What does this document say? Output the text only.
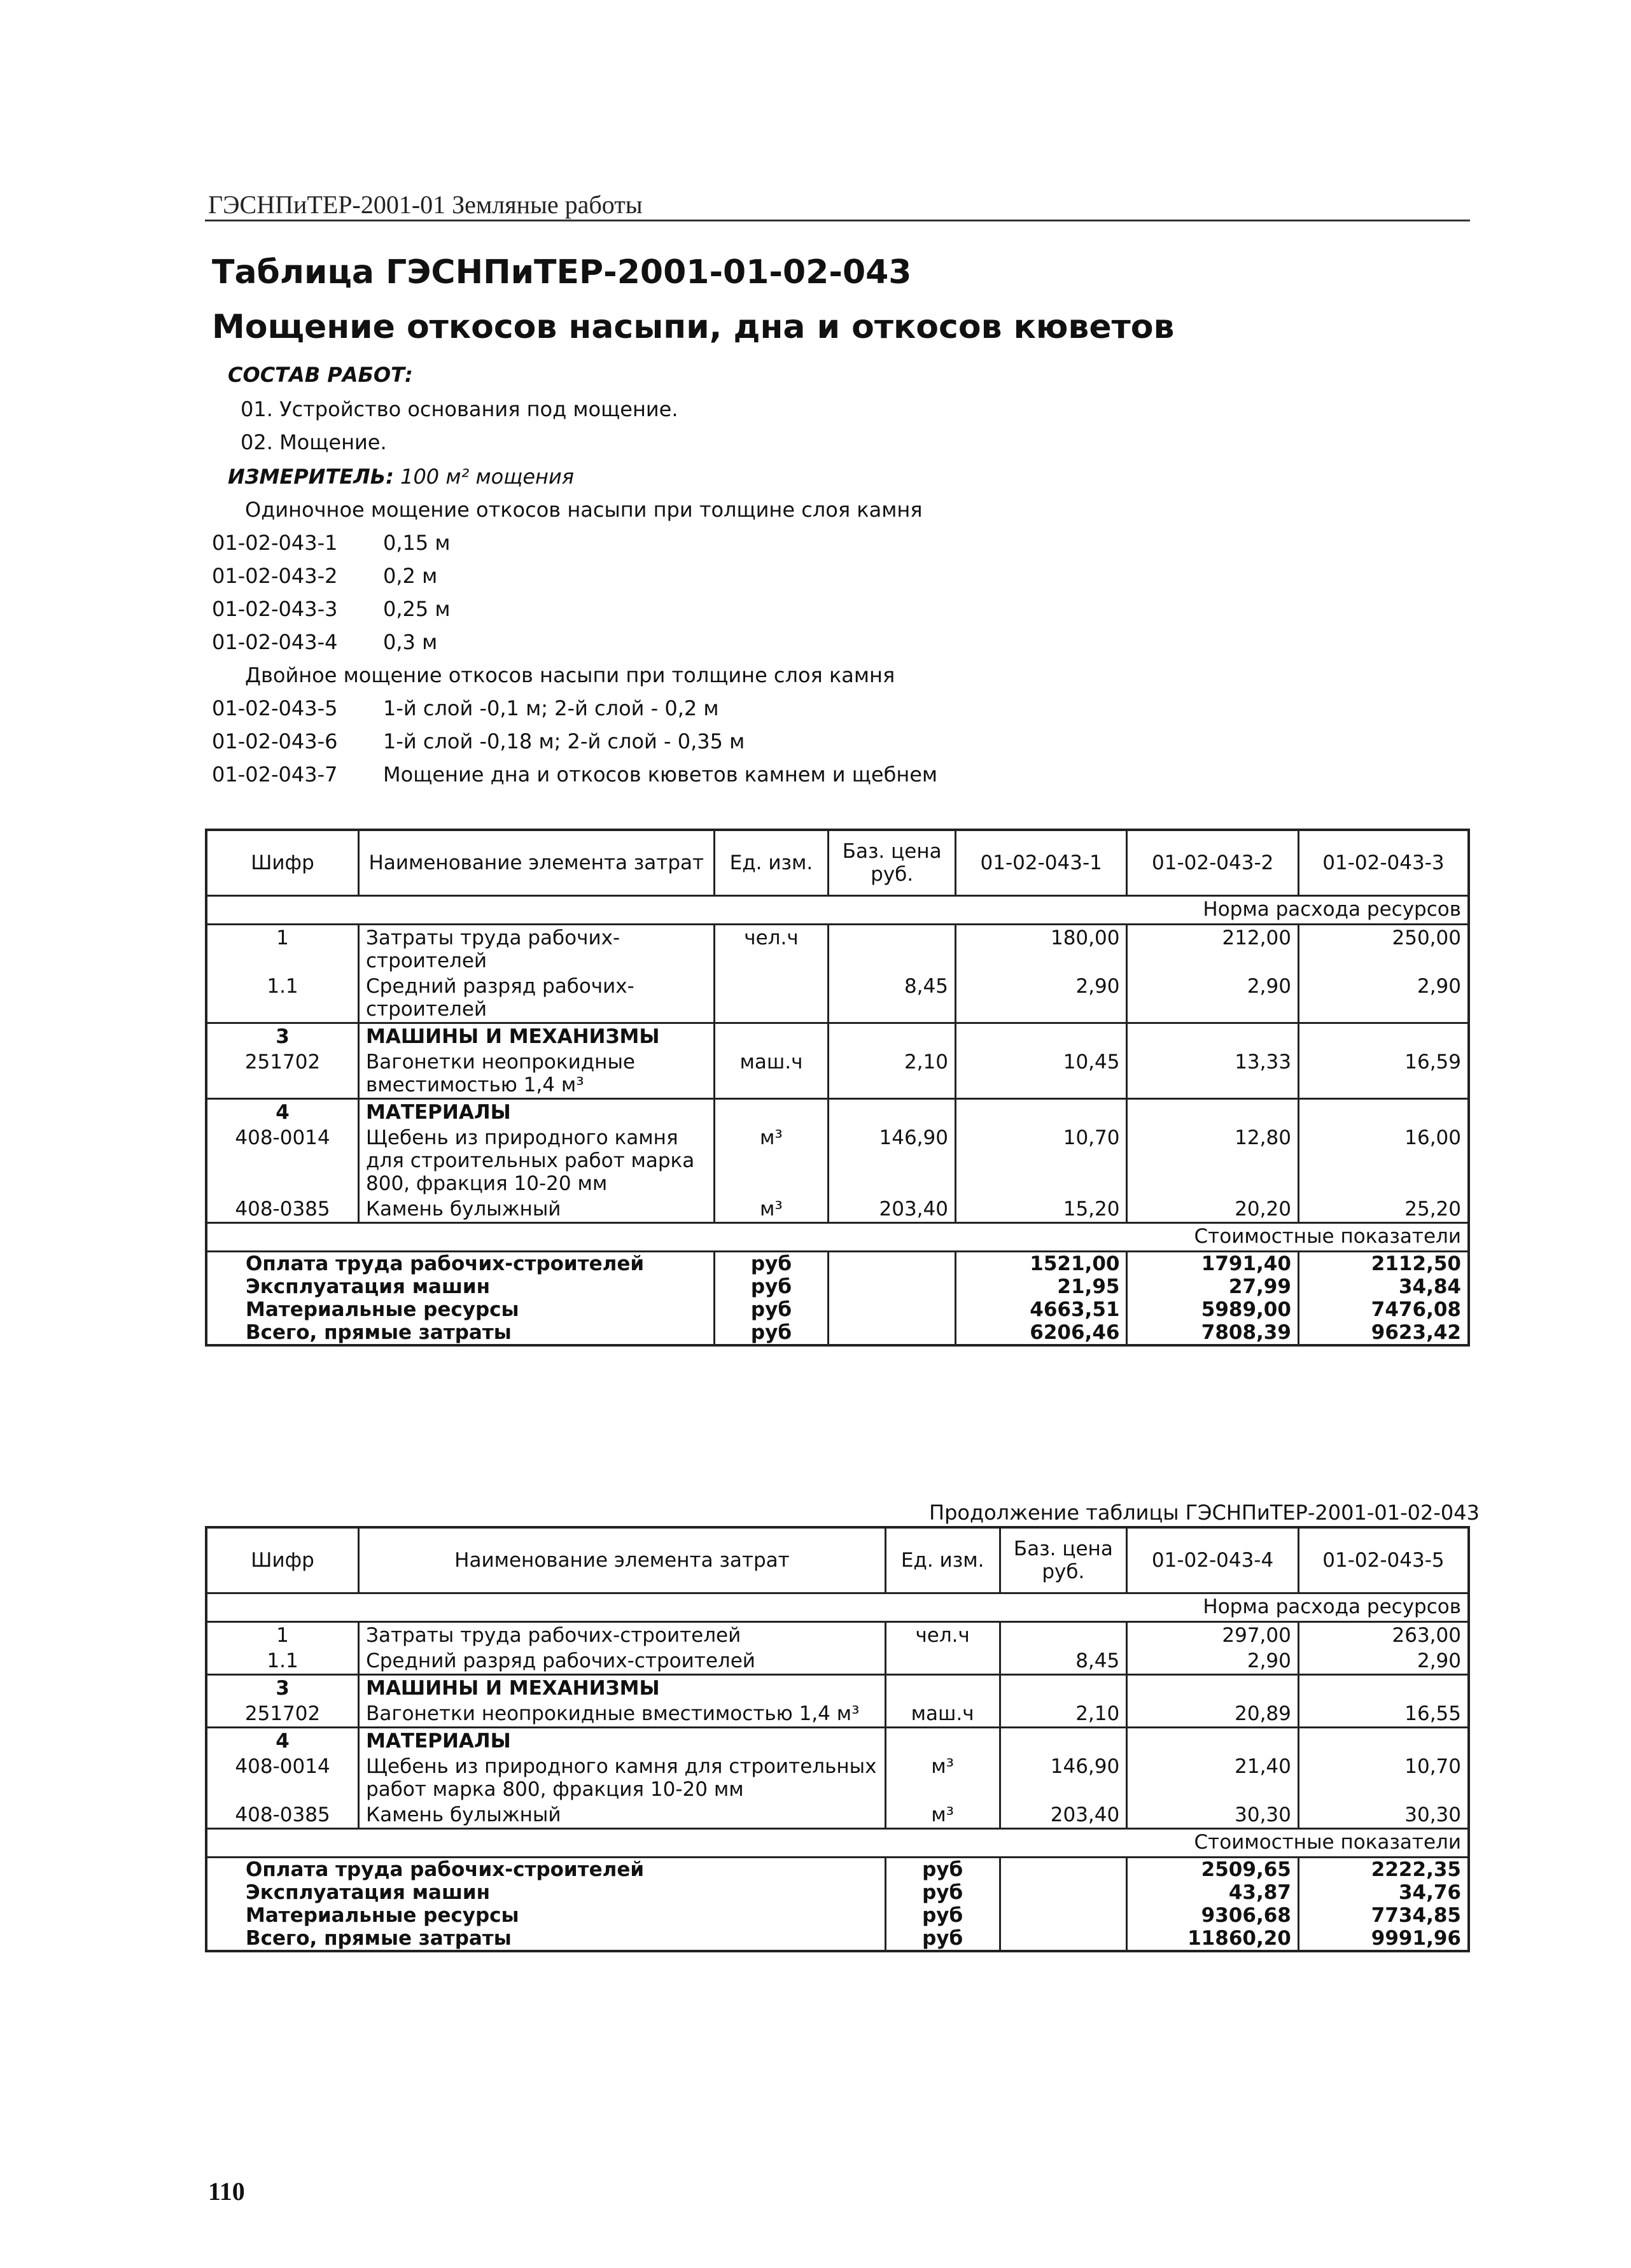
ГЭСНПиТЕР-2001-01 Земляные работы
Таблица ГЭСНПиТЕР-2001-01-02-043
Мощение откосов насыпи, дна и откосов кюветов
СОСТАВ РАБОТ:
01. Устройство основания под мощение.
02. Мощение.
ИЗМЕРИТЕЛЬ: 100 м² мощения
Одиночное мощение откосов насыпи при толщине слоя камня
01-02-043-1 0,15 м
01-02-043-2 0,2 м
01-02-043-3 0,25 м
01-02-043-4 0,3 м
Двойное мощение откосов насыпи при толщине слоя камня
01-02-043-5 1-й слой -0,1 м; 2-й слой - 0,2 м
01-02-043-6 1-й слой -0,18 м; 2-й слой - 0,35 м
01-02-043-7 Мощение дна и откосов кюветов камнем и щебнем
Шифр	Наименование элемента затрат	Ед. изм.	Баз. цена руб.	01-02-043-1	01-02-043-2	01-02-043-3
Норма расхода ресурсов						
1	Затраты труда рабочих-строителей	чел.ч		180,00	212,00	250,00
1.1	Средний разряд рабочих-строителей		8,45	2,90	2,90	2,90
3	МАШИНЫ И МЕХАНИЗМЫ					
251702	Вагонетки неопрокидные вместимостью 1,4 м³	маш.ч	2,10	10,45	13,33	16,59
4	МАТЕРИАЛЫ					
408-0014	Щебень из природного камня для строительных работ марка 800, фракция 10-20 мм	м³	146,90	10,70	12,80	16,00
408-0385	Камень булыжный	м³	203,40	15,20	20,20	25,20
Стоимостные показатели						
Оплата труда рабочих-строителей		руб		1521,00	1791,40	2112,50
Эксплуатация машин		руб		21,95	27,99	34,84
Материальные ресурсы		руб		4663,51	5989,00	7476,08
Всего, прямые затраты		руб		6206,46	7808,39	9623,42
Продолжение таблицы ГЭСНПиТЕР-2001-01-02-043
Шифр	Наименование элемента затрат	Ед. изм.	Баз. цена руб.	01-02-043-4	01-02-043-5
Норма расхода ресурсов					
1	Затраты труда рабочих-строителей	чел.ч		297,00	263,00
1.1	Средний разряд рабочих-строителей		8,45	2,90	2,90
3	МАШИНЫ И МЕХАНИЗМЫ				
251702	Вагонетки неопрокидные вместимостью 1,4 м³	маш.ч	2,10	20,89	16,55
4	МАТЕРИАЛЫ				
408-0014	Щебень из природного камня для строительных работ марка 800, фракция 10-20 мм	м³	146,90	21,40	10,70
408-0385	Камень булыжный	м³	203,40	30,30	30,30
Стоимостные показатели					
Оплата труда рабочих-строителей		руб		2509,65	2222,35
Эксплуатация машин		руб		43,87	34,76
Материальные ресурсы		руб		9306,68	7734,85
Всего, прямые затраты		руб		11860,20	9991,96
110
